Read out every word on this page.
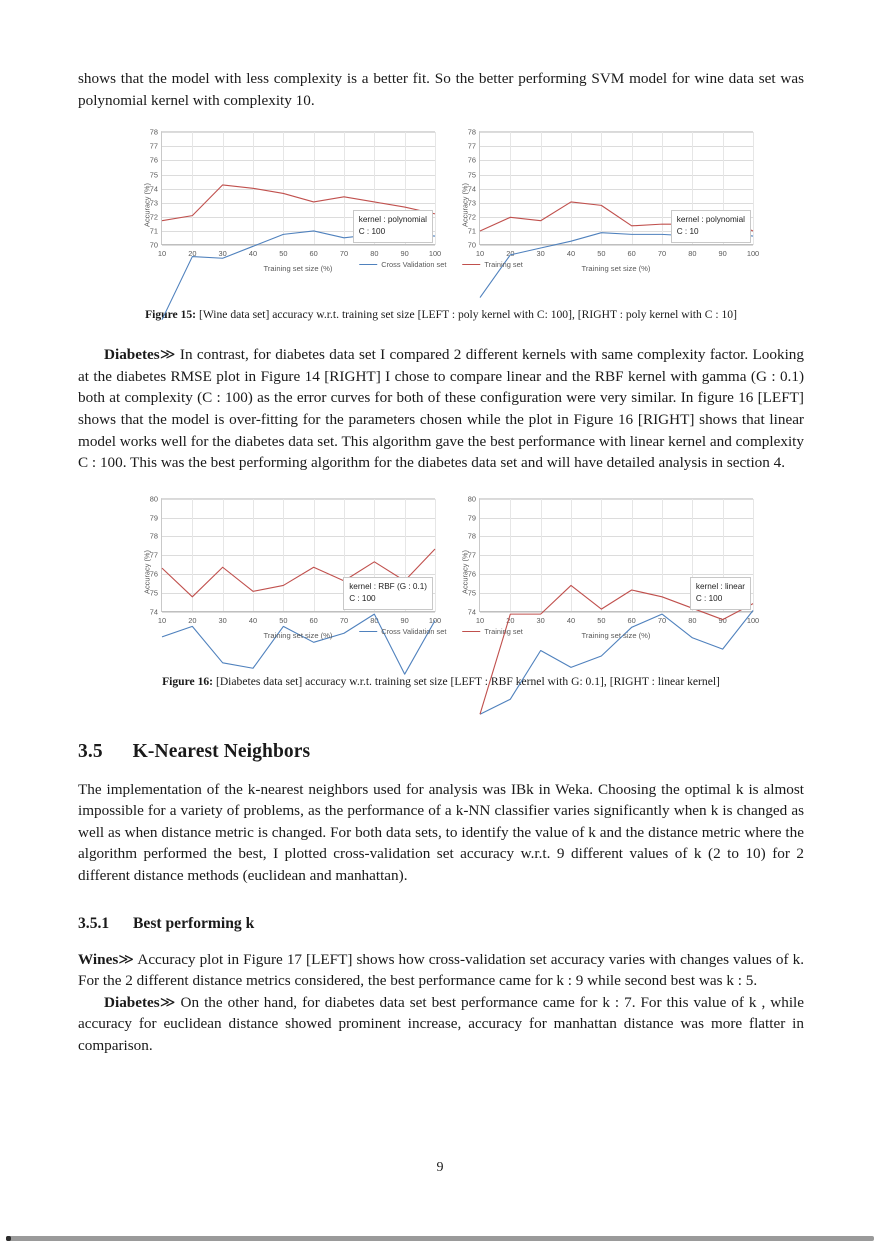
shows that the model with less complexity is a better fit. So the better performing SVM model for wine data set was polynomial kernel with complexity 10.

70
71
72
73
74
75
76
77
78
10	20	30	40	50	60	70	80	90	100
kernel : polynomial
C : 100
Training set size (%)
Accuracy (%)
70
71
72
73
74
75
76
77
78
10	20	30	40	50	60	70	80	90	100
kernel : polynomial
C : 10
Training set size (%)
Accuracy (%)
Cross Validation set	Training set

Figure 15: [Wine data set] accuracy w.r.t. training set size [LEFT : poly kernel with C: 100], [RIGHT : poly kernel with C : 10]

Diabetes≫ In contrast, for diabetes data set I compared 2 different kernels with same complexity factor. Looking at the diabetes RMSE plot in Figure 14 [RIGHT] I chose to compare linear and the RBF kernel with gamma (G : 0.1) both at complexity (C : 100) as the error curves for both of these configuration were very similar. In figure 16 [LEFT] shows that the model is over-fitting for the parameters chosen while the plot in Figure 16 [RIGHT] shows that linear model works well for the diabetes data set. This algorithm gave the best performance with linear kernel and complexity C : 100. This was the best performing algorithm for the diabetes data set and will have detailed analysis in section 4.

74
75
76
77
78
79
80
10	20	30	40	50	60	70	80	90	100
kernel : RBF (G : 0.1)
C : 100
Training set size (%)
Accuracy (%)
74
75
76
77
78
79
80
10	20	30	40	50	60	70	80	90	100
kernel : linear
C : 100
Training set size (%)
Accuracy (%)
Cross Validation set	Training set

Figure 16: [Diabetes data set] accuracy w.r.t. training set size [LEFT : RBF kernel with G: 0.1], [RIGHT : linear kernel]

3.5 K-Nearest Neighbors

The implementation of the k-nearest neighbors used for analysis was IBk in Weka. Choosing the optimal k is almost impossible for a variety of problems, as the performance of a k-NN classifier varies significantly when k is changed as well as when distance metric is changed. For both data sets, to identify the value of k and the distance metric where the algorithm performed the best, I plotted cross-validation set accuracy w.r.t. 9 different values of k (2 to 10) for 2 different distance methods (euclidean and manhattan).

3.5.1 Best performing k

Wines≫ Accuracy plot in Figure 17 [LEFT] shows how cross-validation set accuracy varies with changes values of k. For the 2 different distance metrics considered, the best performance came for k : 9 while second best was k : 5.

Diabetes≫ On the other hand, for diabetes data set best performance came for k : 7. For this value of k , while accuracy for euclidean distance showed prominent increase, accuracy for manhattan distance was more flatter in comparison.

9
